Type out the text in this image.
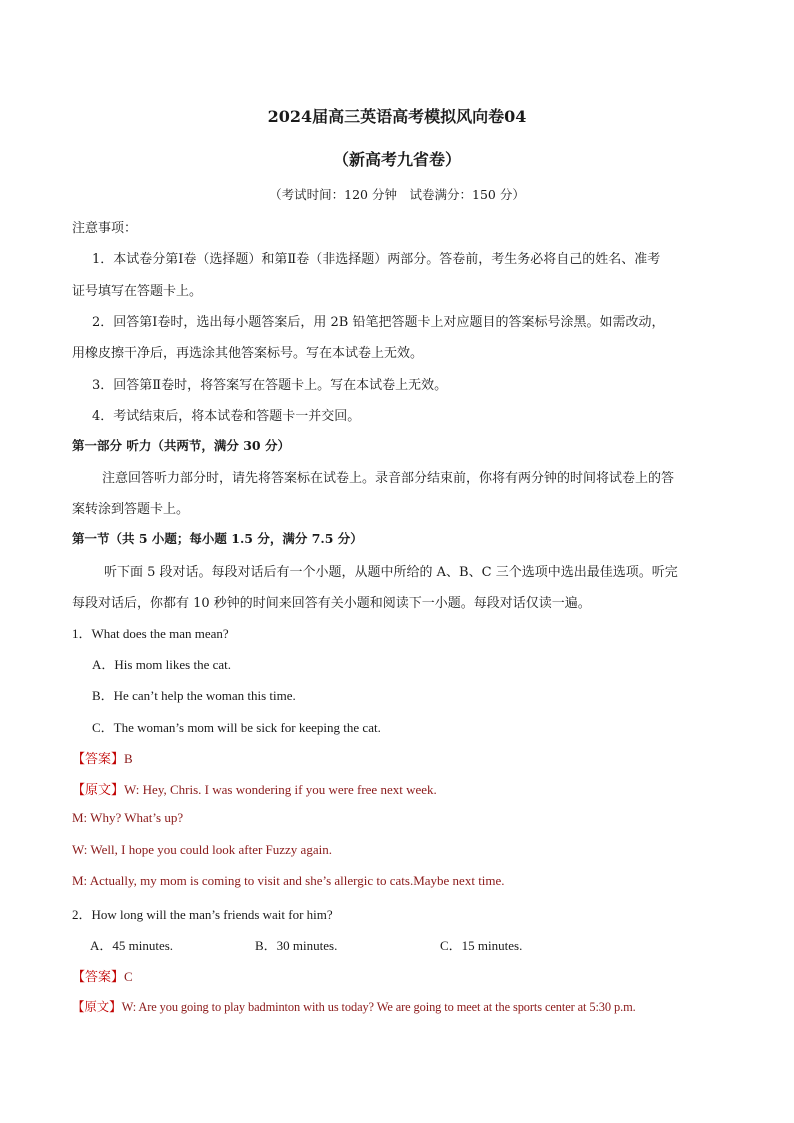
2024届高三英语高考模拟风向卷04
（新高考九省卷）
（考试时间：120 分钟　试卷满分：150 分）
注意事项：
1．本试卷分第Ⅰ卷（选择题）和第Ⅱ卷（非选择题）两部分。答卷前，考生务必将自己的姓名、准考
证号填写在答题卡上。
2．回答第Ⅰ卷时，选出每小题答案后，用 2B 铅笔把答题卡上对应题目的答案标号涂黑。如需改动，
用橡皮擦干净后，再选涂其他答案标号。写在本试卷上无效。
3．回答第Ⅱ卷时，将答案写在答题卡上。写在本试卷上无效。
4．考试结束后，将本试卷和答题卡一并交回。
第一部分 听力（共两节，满分 30 分）
注意回答听力部分时，请先将答案标在试卷上。录音部分结束前，你将有两分钟的时间将试卷上的答
案转涂到答题卡上。
第一节（共 5 小题；每小题 1.5 分，满分 7.5 分）
听下面 5 段对话。每段对话后有一个小题，从题中所给的 A、B、C 三个选项中选出最佳选项。听完
每段对话后，你都有 10 秒钟的时间来回答有关小题和阅读下一小题。每段对话仅读一遍。
1．What does the man mean?
A．His mom likes the cat.
B．He can’t help the woman this time.
C．The woman’s mom will be sick for keeping the cat.
【答案】B
【原文】W: Hey, Chris. I was wondering if you were free next week.
M: Why? What’s up?
W: Well, I hope you could look after Fuzzy again.
M: Actually, my mom is coming to visit and she’s allergic to cats.Maybe next time.
2．How long will the man’s friends wait for him?
A．45 minutes.	B．30 minutes.	C．15 minutes.
【答案】C
【原文】W: Are you going to play badminton with us today? We are going to meet at the sports center at 5:30 p.m.
